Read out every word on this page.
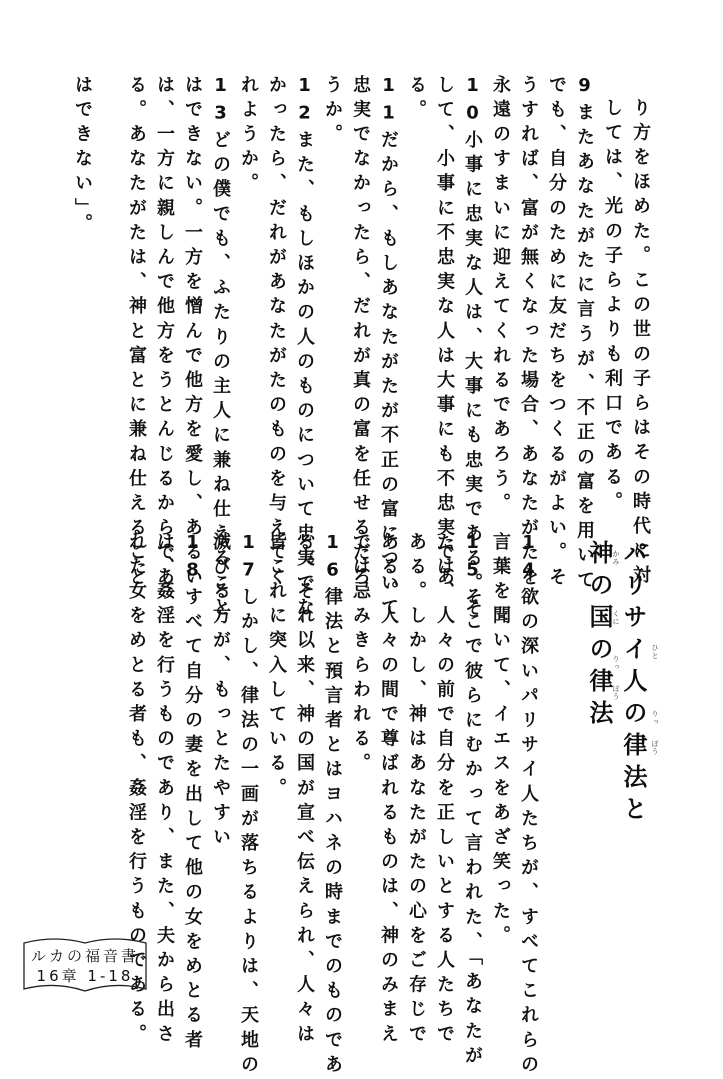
り方をほめた。この世の子らはその時代に対
しては、光の子らよりも利口である。
9またあなたがたに言うが、不正の富を用いて
でも、自分のために友だちをつくるがよい。そ
うすれば、富が無くなった場合、あなたがたを
永遠のすまいに迎えてくれるであろう。
10小事に忠実な人は、大事にも忠実である。そ
して、小事に不忠実な人は大事にも不忠実であ
る。
11だから、もしあなたがたが不正の富について
忠実でなかったら、だれが真の富を任せるだろ
うか。
12また、もしほかの人のものについて忠実でな
かったら、だれがあなたがたのものを与えてく
れようか。
13どの僕でも、ふたりの主人に兼ね仕えること
はできない。一方を憎んで他方を愛し、あるい
は、一方に親しんで他方をうとんじるからであ
る。あなたがたは、神と富とに兼ね仕えること
はできない」。
パリサイ人の律法と
神の国の律法	ひと
りっ
ぽう
かみ
くに
りっ
ぽう
14欲の深いパリサイ人たちが、すべてこれらの
言葉を聞いて、イエスをあざ笑った。
15そこで彼らにむかって言われた、「あなたが
たは、人々の前で自分を正しいとする人たちで
ある。しかし、神はあなたがたの心をご存じで
ある。人々の間で尊ばれるものは、神のみまえ
では忌みきらわれる。
16律法と預言者とはヨハネの時までのものであ
る。それ以来、神の国が宣べ伝えられ、人々は
皆これに突入している。
17しかし、律法の一画が落ちるよりは、天地の
滅びる方が、もっとたやすい
18すべて自分の妻を出して他の女をめとる者
は、姦淫を行うものであり、また、夫から出さ
れた女をめとる者も、姦淫を行うものである。
ルカの福音書
16章 1-18
